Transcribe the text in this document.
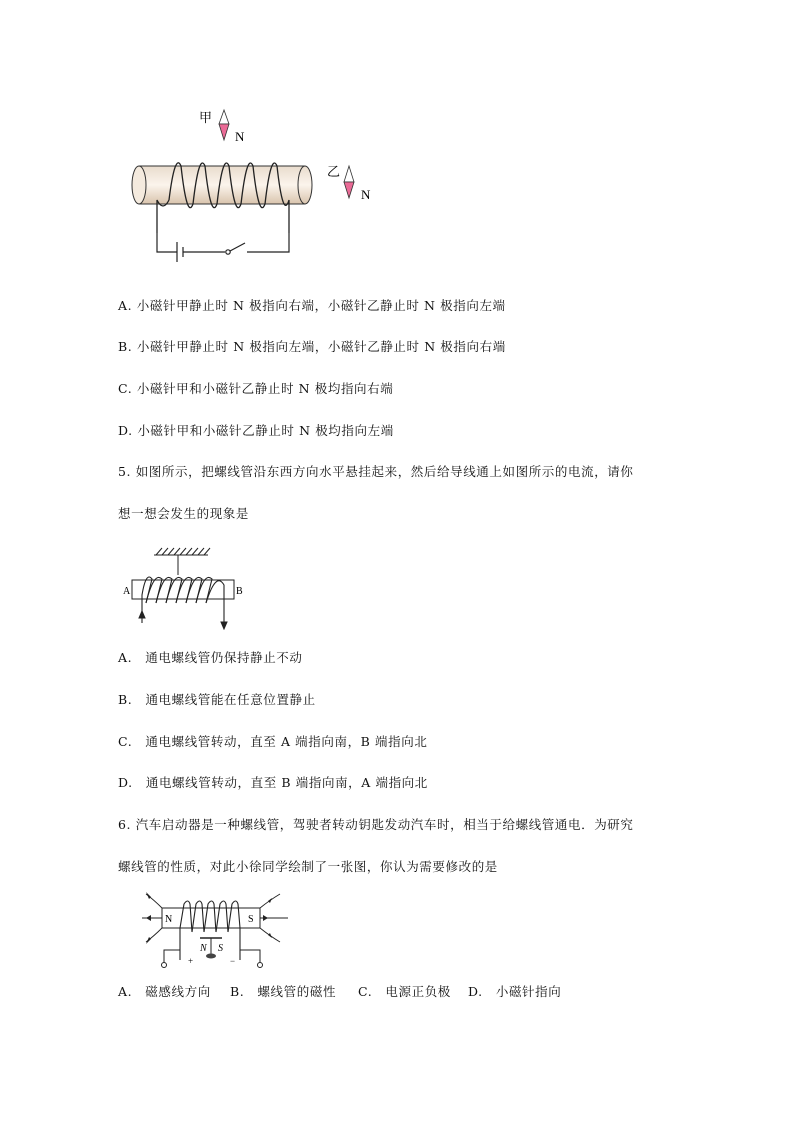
甲
N
乙
N
A. 小磁针甲静止时 N 极指向右端，小磁针乙静止时 N 极指向左端
B. 小磁针甲静止时 N 极指向左端，小磁针乙静止时 N 极指向右端
C. 小磁针甲和小磁针乙静止时 N 极均指向右端
D. 小磁针甲和小磁针乙静止时 N 极均指向左端
5. 如图所示，把螺线管沿东西方向水平悬挂起来，然后给导线通上如图所示的电流，请你
想一想会发生的现象是
A	B
A.　通电螺线管仍保持静止不动
B.　通电螺线管能在任意位置静止
C.　通电螺线管转动，直至 A 端指向南，B 端指向北
D.　通电螺线管转动，直至 B 端指向南，A 端指向北
6. 汽车启动器是一种螺线管，驾驶者转动钥匙发动汽车时，相当于给螺线管通电．为研究
螺线管的性质，对此小徐同学绘制了一张图，你认为需要修改的是
N	S
+	−
N S
A.　磁感线方向 B.　螺线管的磁性 C.　电源正负极 D.　小磁针指向
